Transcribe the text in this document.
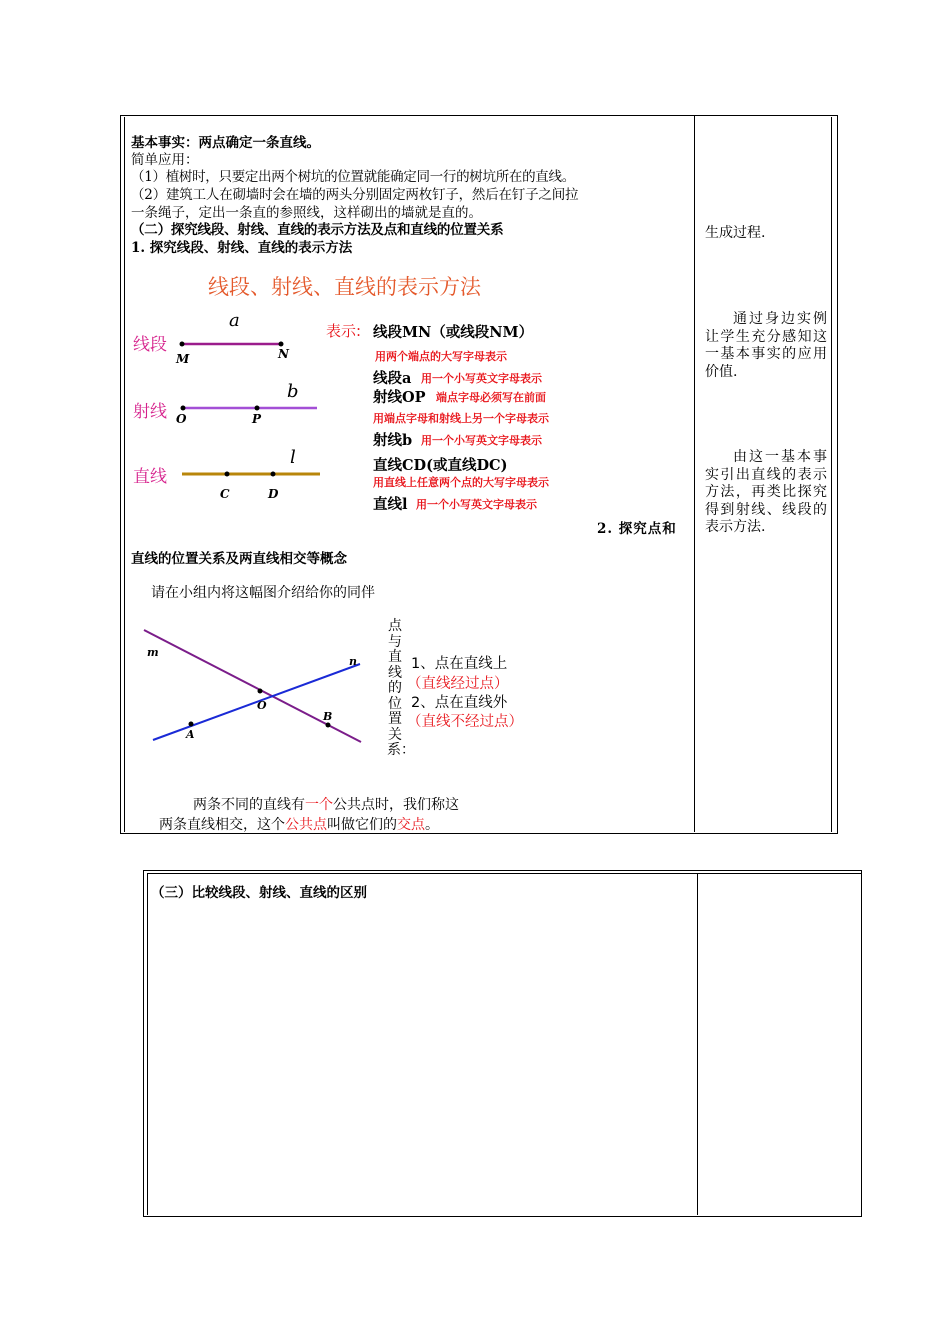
基本事实：两点确定一条直线。
简单应用：
（1）植树时，只要定出两个树坑的位置就能确定同一行的树坑所在的直线。
（2）建筑工人在砌墙时会在墙的两头分别固定两枚钉子，然后在钉子之间拉
一条绳子，定出一条直的参照线，这样砌出的墙就是直的。
（二）探究线段、射线、直线的表示方法及点和直线的位置关系
1. 探究线段、射线、直线的表示方法
线段、射线、直线的表示方法
线段
射线
直线
a
M	N
b
O	P
l
C	D
表示: 线段MN（或线段NM）
用两个端点的大写字母表示
线段a 用一个小写英文字母表示
射线OP 端点字母必须写在前面
用端点字母和射线上另一个字母表示
射线b 用一个小写英文字母表示
直线CD(或直线DC)
用直线上任意两个点的大写字母表示
直线l 用一个小写英文字母表示
2. 探究点和
直线的位置关系及两直线相交等概念
请在小组内将这幅图介绍给你的同伴
m
n
O
A
B
点与直线的位置关系：
1、点在直线上
（直线经过点）
2、点在直线外
（直线不经过点）
两条不同的直线有一个公共点时，我们称这
两条直线相交，这个公共点叫做它们的交点。
生成过程.
通过身边实例让学生充分感知这一基本事实的应用价值.
由这一基本事实引出直线的表示方法，再类比探究得到射线、线段的表示方法.
（三）比较线段、射线、直线的区别
